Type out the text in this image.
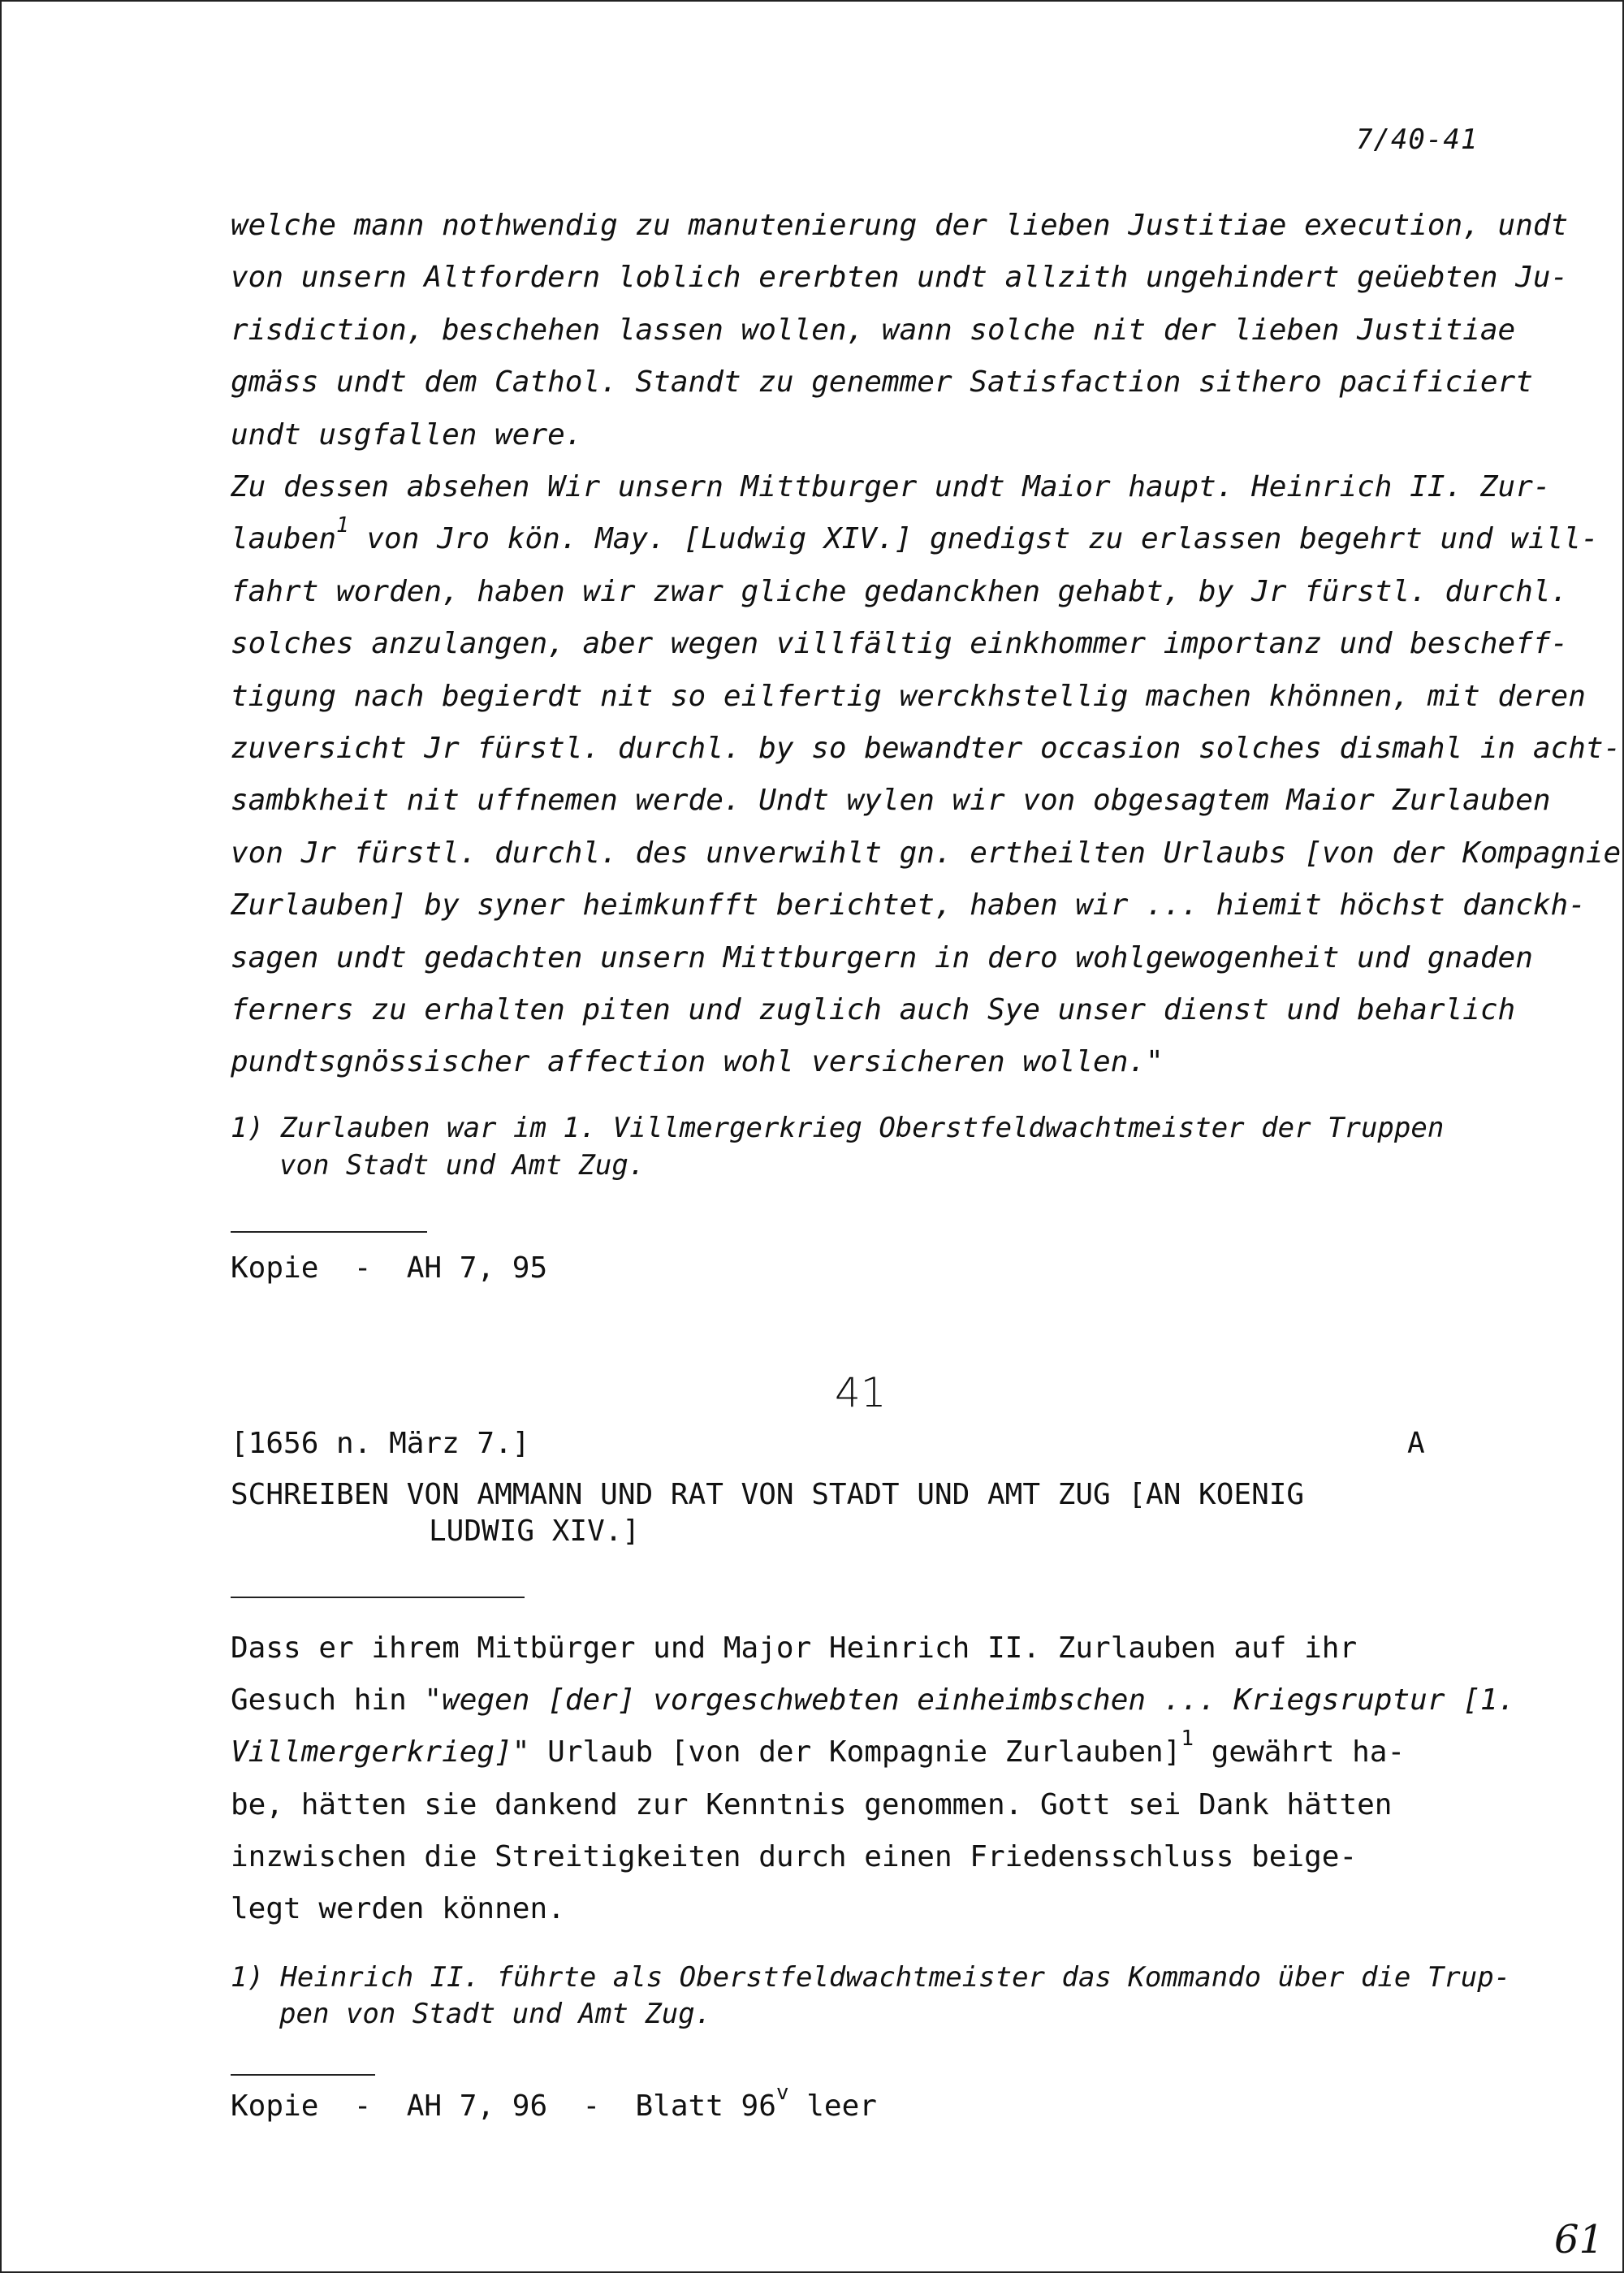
7/40-41
welche mann nothwendig zu manutenierung der lieben Justitiae execution, undt
von unsern Altfordern loblich ererbten undt allzith ungehindert geüebten Ju-
risdiction, beschehen lassen wollen, wann solche nit der lieben Justitiae
gmäss undt dem Cathol. Standt zu genemmer Satisfaction sithero pacificiert
undt usgfallen were.
Zu dessen absehen Wir unsern Mittburger undt Maior haupt. Heinrich II. Zur-
lauben$^1$ von Jro kön. May. [Ludwig XIV.] gnedigst zu erlassen begehrt und will-
fahrt worden, haben wir zwar gliche gedanckhen gehabt, by Jr fürstl. durchl.
solches anzulangen, aber wegen villfältig einkhommer importanz und bescheff-
tigung nach begierdt nit so eilfertig werckhstellig machen khönnen, mit deren
zuversicht Jr fürstl. durchl. by so bewandter occasion solches dismahl in acht-
sambkheit nit uffnemen werde. Undt wylen wir von obgesagtem Maior Zurlauben
von Jr fürstl. durchl. des unverwihlt gn. ertheilten Urlaubs [von der Kompagnie
Zurlauben] by syner heimkunfft berichtet, haben wir ... hiemit höchst danckh-
sagen undt gedachten unsern Mittburgern in dero wohlgewogenheit und gnaden
ferners zu erhalten piten und zuglich auch Sye unser dienst und beharlich
pundtsgnössischer affection wohl versicheren wollen."
1) Zurlauben war im 1. Villmergerkrieg Oberstfeldwachtmeister der Truppen
von Stadt und Amt Zug.
Kopie  -  AH 7, 95
41
[1656 n. März 7.]	A
SCHREIBEN VON AMMANN UND RAT VON STADT UND AMT ZUG [AN KOENIG
LUDWIG XIV.]
Dass er ihrem Mitbürger und Major Heinrich II. Zurlauben auf ihr
Gesuch hin "wegen [der] vorgeschwebten einheimbschen ... Kriegsruptur [1.
Villmergerkrieg]" Urlaub [von der Kompagnie Zurlauben]$^1$ gewährt ha-
be, hätten sie dankend zur Kenntnis genommen. Gott sei Dank hätten
inzwischen die Streitigkeiten durch einen Friedensschluss beige-
legt werden können.
1) Heinrich II. führte als Oberstfeldwachtmeister das Kommando über die Trup-
pen von Stadt und Amt Zug.
Kopie  -  AH 7, 96  -  Blatt 96$^v$ leer
61
